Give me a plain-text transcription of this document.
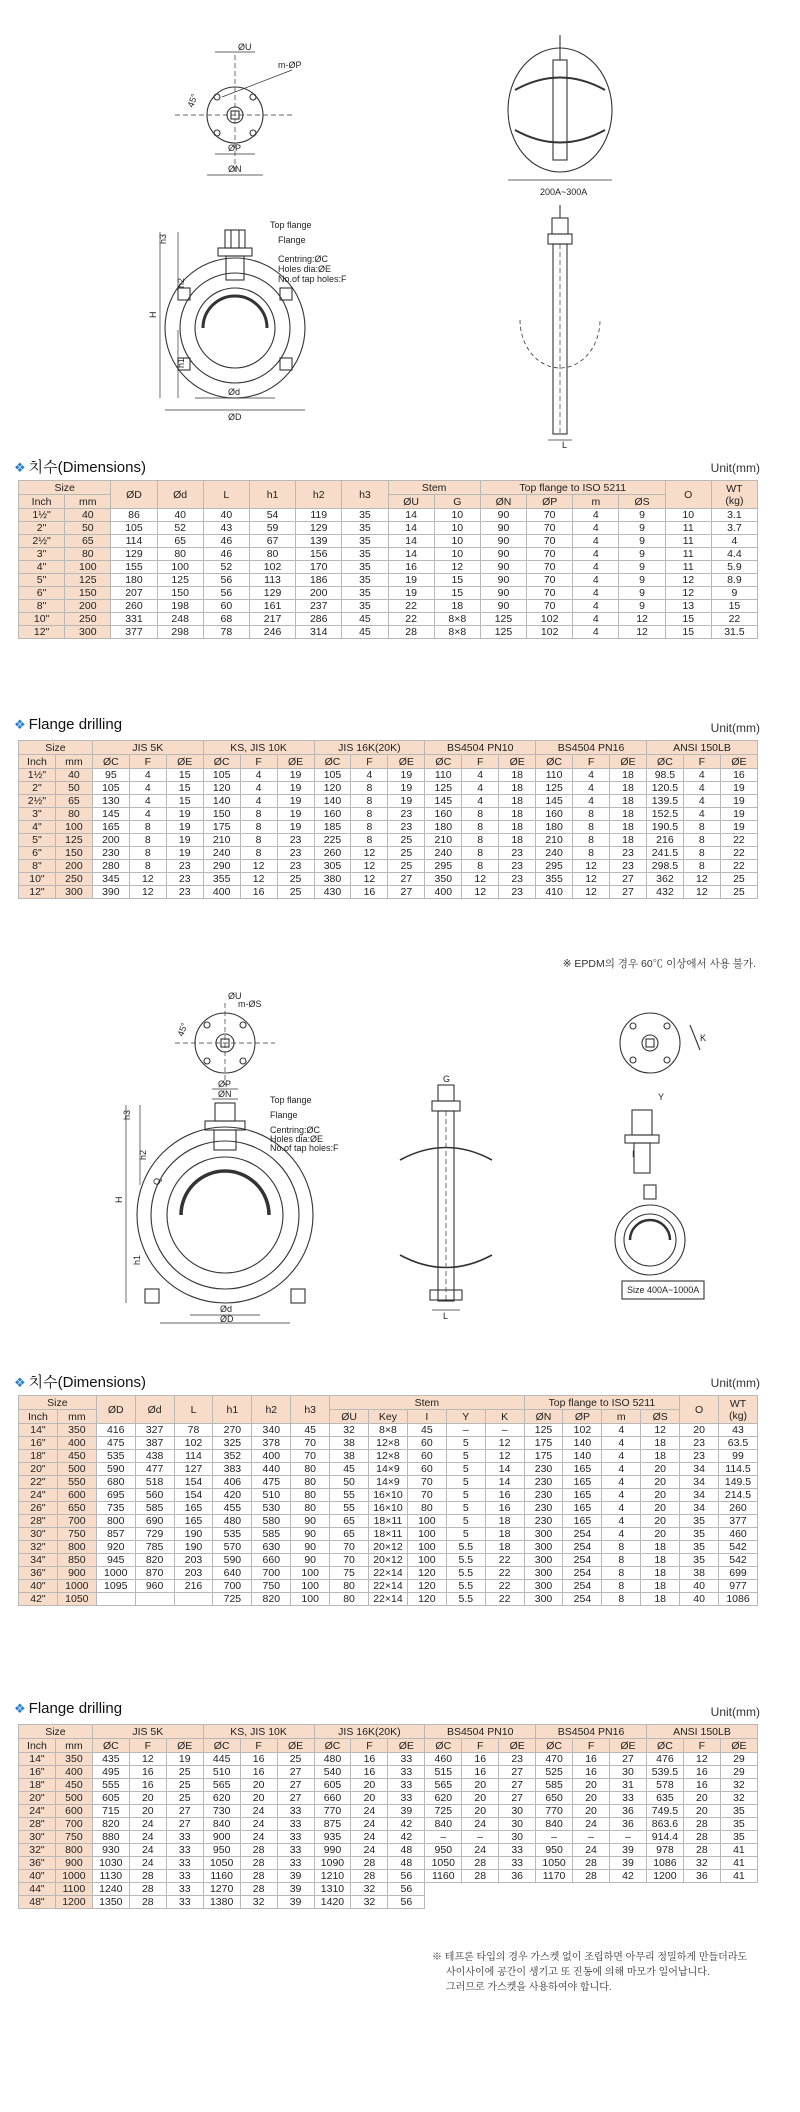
ØU
m-ØP
45°
ØP
ØN
Top flange
Flange
Centring:ØC
Holes dia:ØE
No.of tap holes:F
h3
h2
H
h1
Ød
ØD
200A~300A
L
❖ 치수(Dimensions)	Unit(mm)
Size		ØD	Ød	L	h1	h2	h3	Stem		Top flange to ISO 5211				O	WT
(kg)
Inch	mm							ØU	G	ØN	ØP	m	ØS		
1½"	40	86	40	40	54	119	35	14	10	90	70	4	9	10	3.1
2"	50	105	52	43	59	129	35	14	10	90	70	4	9	11	3.7
2½"	65	114	65	46	67	139	35	14	10	90	70	4	9	11	4
3"	80	129	80	46	80	156	35	14	10	90	70	4	9	11	4.4
4"	100	155	100	52	102	170	35	16	12	90	70	4	9	11	5.9
5"	125	180	125	56	113	186	35	19	15	90	70	4	9	12	8.9
6"	150	207	150	56	129	200	35	19	15	90	70	4	9	12	9
8"	200	260	198	60	161	237	35	22	18	90	70	4	9	13	15
10"	250	331	248	68	217	286	45	22	8×8	125	102	4	12	15	22
12"	300	377	298	78	246	314	45	28	8×8	125	102	4	12	15	31.5
❖ Flange drilling	Unit(mm)
Size		JIS 5K			KS, JIS 10K			JIS 16K(20K)			BS4504 PN10			BS4504 PN16			ANSI 150LB		
Inch	mm	ØC	F	ØE	ØC	F	ØE	ØC	F	ØE	ØC	F	ØE	ØC	F	ØE	ØC	F	ØE
1½"	40	95	4	15	105	4	19	105	4	19	110	4	18	110	4	18	98.5	4	16
2"	50	105	4	15	120	4	19	120	8	19	125	4	18	125	4	18	120.5	4	19
2½"	65	130	4	15	140	4	19	140	8	19	145	4	18	145	4	18	139.5	4	19
3"	80	145	4	19	150	8	19	160	8	23	160	8	18	160	8	18	152.5	4	19
4"	100	165	8	19	175	8	19	185	8	23	180	8	18	180	8	18	190.5	8	19
5"	125	200	8	19	210	8	23	225	8	25	210	8	18	210	8	18	216	8	22
6"	150	230	8	19	240	8	23	260	12	25	240	8	23	240	8	23	241.5	8	22
8"	200	280	8	23	290	12	23	305	12	25	295	8	23	295	12	23	298.5	8	22
10"	250	345	12	23	355	12	25	380	12	27	350	12	23	355	12	27	362	12	25
12"	300	390	12	23	400	16	25	430	16	27	400	12	23	410	12	27	432	12	25
※ EPDM의 경우 60℃ 이상에서 사용 불가.
ØU
m-ØS
45°
ØP
ØN
Top flange
Flange
Centring:ØC
Holes dia:ØE
No.of tap holes:F
h3
h2
H
h1
Q
Ød
ØD
G
L
K
Y
I
Size 400A~1000A
❖ 치수(Dimensions)	Unit(mm)
Size		ØD	Ød	L	h1	h2	h3	Stem					Top flange to ISO 5211				O	WT
(kg)
Inch	mm							ØU	Key	I	Y	K	ØN	ØP	m	ØS		
14"	350	416	327	78	270	340	45	32	8×8	45	–	–	125	102	4	12	20	43
16"	400	475	387	102	325	378	70	38	12×8	60	5	12	175	140	4	18	23	63.5
18"	450	535	438	114	352	400	70	38	12×8	60	5	12	175	140	4	18	23	99
20"	500	590	477	127	383	440	80	45	14×9	60	5	14	230	165	4	20	34	114.5
22"	550	680	518	154	406	475	80	50	14×9	70	5	14	230	165	4	20	34	149.5
24"	600	695	560	154	420	510	80	55	16×10	70	5	16	230	165	4	20	34	214.5
26"	650	735	585	165	455	530	80	55	16×10	80	5	16	230	165	4	20	34	260
28"	700	800	690	165	480	580	90	65	18×11	100	5	18	230	165	4	20	35	377
30"	750	857	729	190	535	585	90	65	18×11	100	5	18	300	254	4	20	35	460
32"	800	920	785	190	570	630	90	70	20×12	100	5.5	18	300	254	8	18	35	542
34"	850	945	820	203	590	660	90	70	20×12	100	5.5	22	300	254	8	18	35	542
36"	900	1000	870	203	640	700	100	75	22×14	120	5.5	22	300	254	8	18	38	699
40"	1000	1095	960	216	700	750	100	80	22×14	120	5.5	22	300	254	8	18	40	977
42"	1050				725	820	100	80	22×14	120	5.5	22	300	254	8	18	40	1086
❖ Flange drilling	Unit(mm)
Size		JIS 5K			KS, JIS 10K			JIS 16K(20K)			BS4504 PN10			BS4504 PN16			ANSI 150LB		
Inch	mm	ØC	F	ØE	ØC	F	ØE	ØC	F	ØE	ØC	F	ØE	ØC	F	ØE	ØC	F	ØE
14"	350	435	12	19	445	16	25	480	16	33	460	16	23	470	16	27	476	12	29
16"	400	495	16	25	510	16	27	540	16	33	515	16	27	525	16	30	539.5	16	29
18"	450	555	16	25	565	20	27	605	20	33	565	20	27	585	20	31	578	16	32
20"	500	605	20	25	620	20	27	660	20	33	620	20	27	650	20	33	635	20	32
24"	600	715	20	27	730	24	33	770	24	39	725	20	30	770	20	36	749.5	20	35
28"	700	820	24	27	840	24	33	875	24	42	840	24	30	840	24	36	863.6	28	35
30"	750	880	24	33	900	24	33	935	24	42	–	–	30	–	–	–	914.4	28	35
32"	800	930	24	33	950	28	33	990	24	48	950	24	33	950	24	39	978	28	41
36"	900	1030	24	33	1050	28	33	1090	28	48	1050	28	33	1050	28	39	1086	32	41
40"	1000	1130	28	33	1160	28	39	1210	28	56	1160	28	36	1170	28	42	1200	36	41
44"	1100	1240	28	33	1270	28	39	1310	32	56									
48"	1200	1350	28	33	1380	32	39	1420	32	56									
※ 테프론 타입의 경우 가스켓 없이 조립하면 아무리 정밀하게 만들더라도
사이사이에 공간이 생기고 또 진동에 의해 마모가 일어납니다.
그러므로 가스켓을 사용하여야 합니다.
